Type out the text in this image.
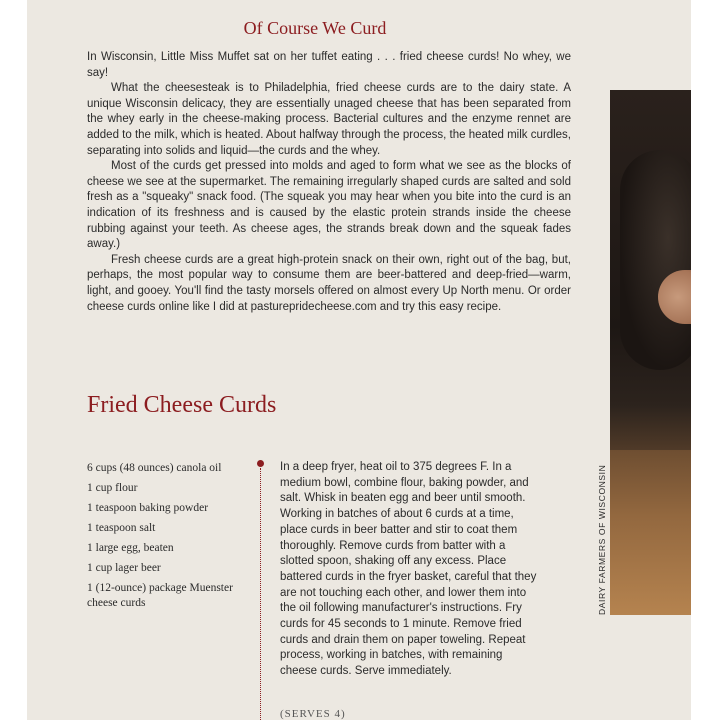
Of Course We Curd

In Wisconsin, Little Miss Muffet sat on her tuffet eating . . . fried cheese curds! No whey, we say!

What the cheesesteak is to Philadelphia, fried cheese curds are to the dairy state. A unique Wisconsin delicacy, they are essentially unaged cheese that has been separated from the whey early in the cheese-making process. Bacterial cultures and the enzyme rennet are added to the milk, which is heated. About halfway through the process, the heated milk curdles, separating into solids and liquid—the curds and the whey.

Most of the curds get pressed into molds and aged to form what we see as the blocks of cheese we see at the supermarket. The remaining irregularly shaped curds are salted and sold fresh as a "squeaky" snack food. (The squeak you may hear when you bite into the curd is an indication of its freshness and is caused by the elastic protein strands inside the cheese rubbing against your teeth. As cheese ages, the strands break down and the squeak fades away.)

Fresh cheese curds are a great high-protein snack on their own, right out of the bag, but, perhaps, the most popular way to consume them are beer-battered and deep-fried—warm, light, and gooey. You'll find the tasty morsels offered on almost every Up North menu. Or order cheese curds online like I did at pasturepridecheese.com and try this easy recipe.

Fried Cheese Curds
6 cups (48 ounces) canola oil
1 cup flour
1 teaspoon baking powder
1 teaspoon salt
1 large egg, beaten
1 cup lager beer
1 (12-ounce) package Muenster cheese curds

In a deep fryer, heat oil to 375 degrees F. In a medium bowl, combine flour, baking powder, and salt. Whisk in beaten egg and beer until smooth. Working in batches of about 6 curds at a time, place curds in beer batter and stir to coat them thoroughly. Remove curds from batter with a slotted spoon, shaking off any excess. Place battered curds in the fryer basket, careful that they are not touching each other, and lower them into the oil following manufacturer's instructions. Fry curds for 45 seconds to 1 minute. Remove fried curds and drain them on paper toweling. Repeat process, working in batches, with remaining cheese curds. Serve immediately.

(SERVES 4)
DAIRY FARMERS OF WISCONSIN
